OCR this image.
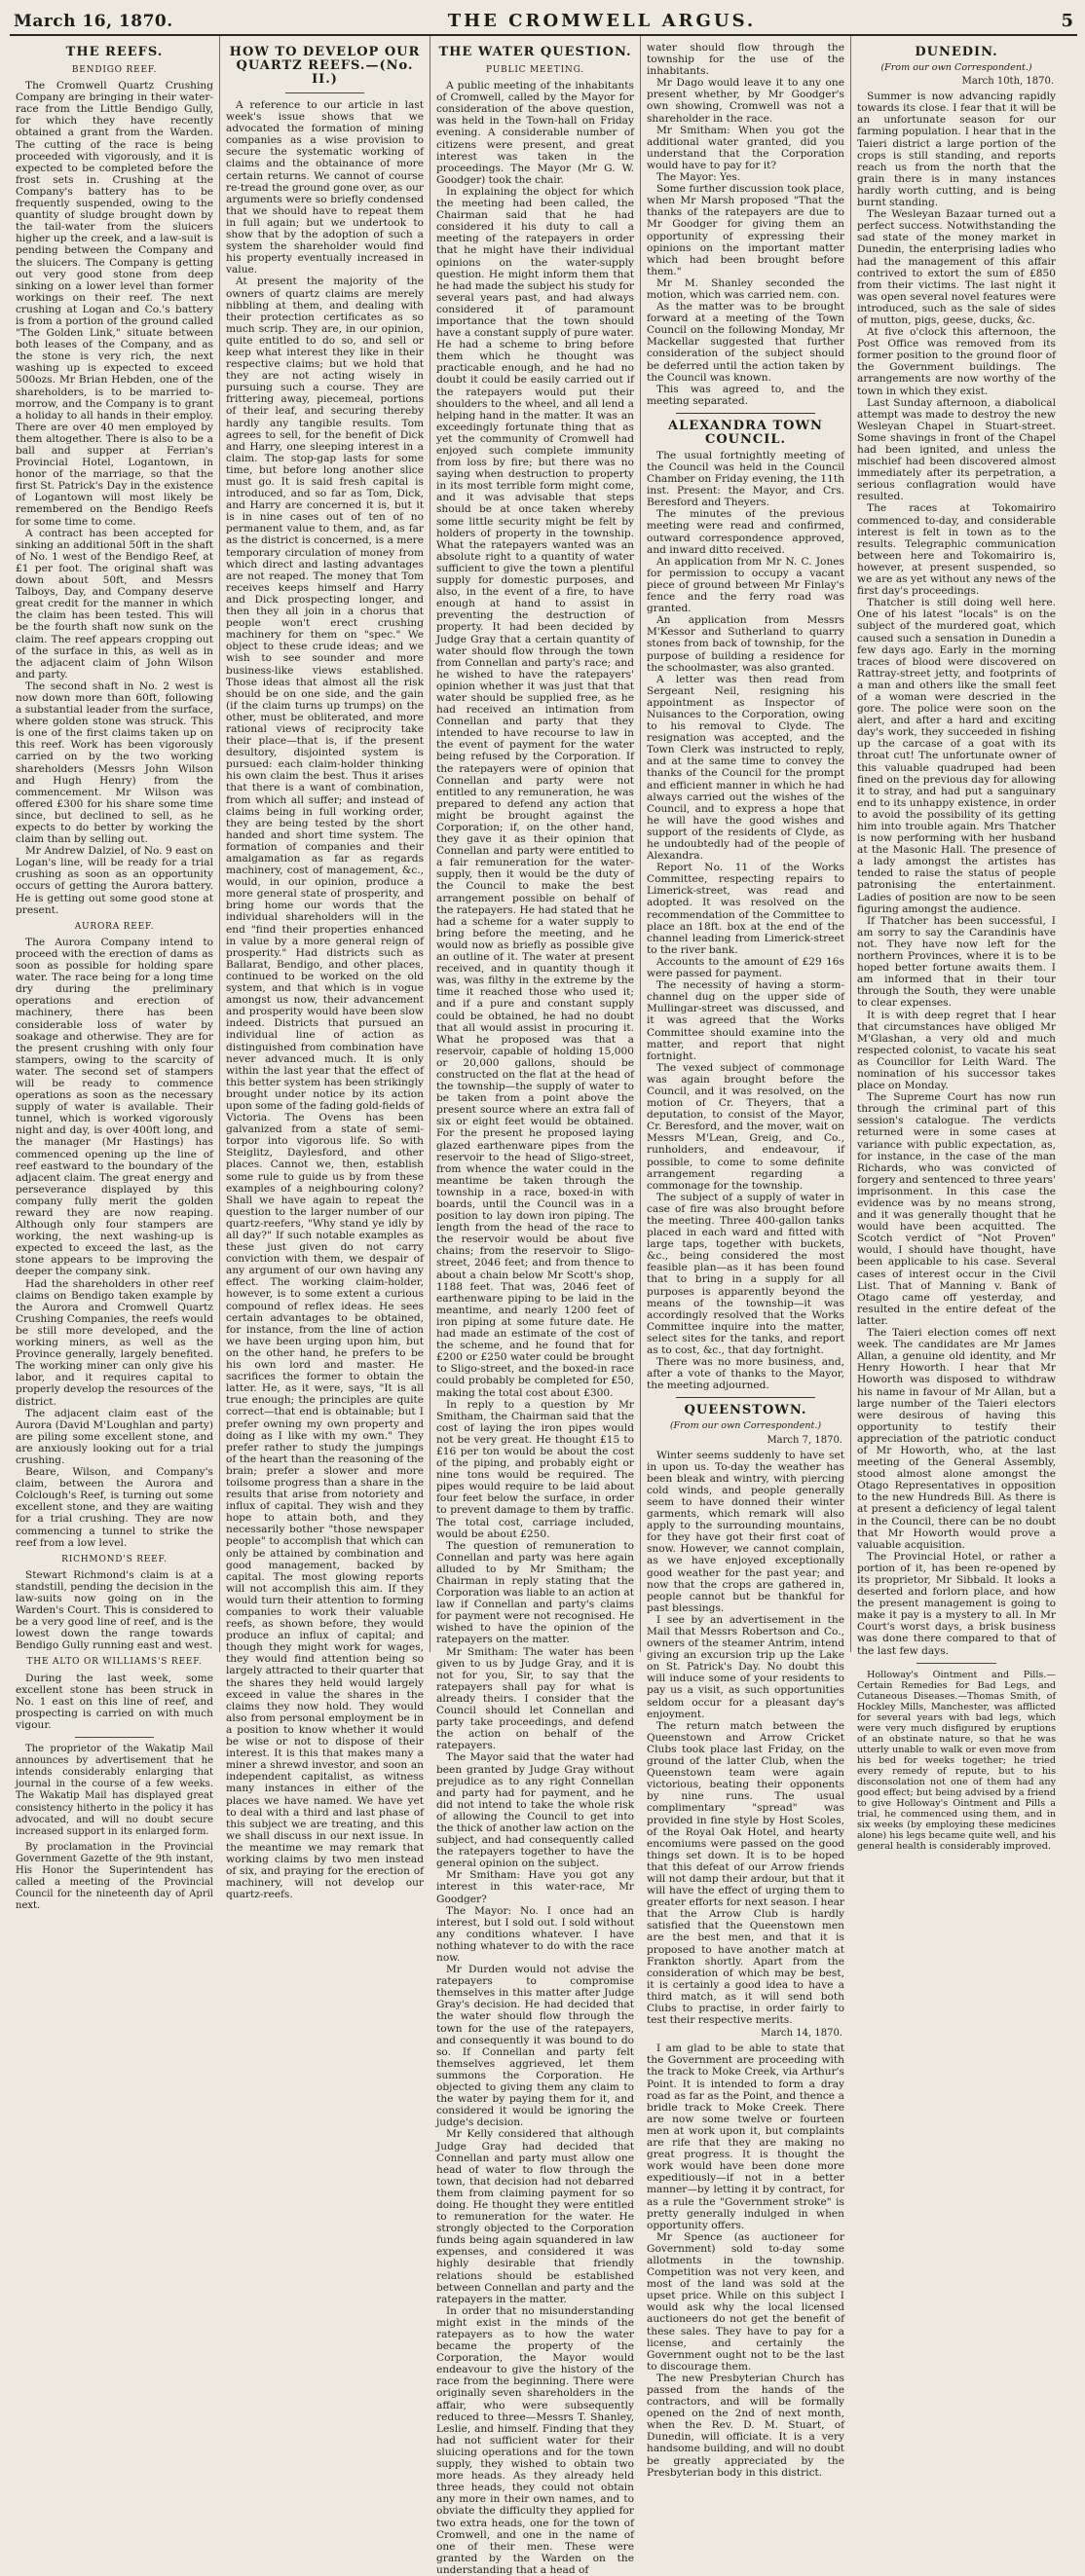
March 16, 1870.	THE CROMWELL ARGUS.	5
THE REEFS.
BENDIGO REEF.

The Cromwell Quartz Crushing Company are bringing in their water-race from the Little Bendigo Gully, for which they have recently obtained a grant from the Warden. The cutting of the race is being proceeded with vigorously, and it is expected to be completed before the frost sets in. Crushing at the Company's battery has to be frequently suspended, owing to the quantity of sludge brought down by the tail-water from the sluicers higher up the creek, and a law-suit is pending between the Company and the sluicers. The Company is getting out very good stone from deep sinking on a lower level than former workings on their reef. The next crushing at Logan and Co.'s battery is from a portion of the ground called "The Golden Link," situate between both leases of the Company, and as the stone is very rich, the next washing up is expected to exceed 500ozs. Mr Brian Hebden, one of the shareholders, is to be married to-morrow, and the Company is to grant a holiday to all hands in their employ. There are over 40 men employed by them altogether. There is also to be a ball and supper at Ferrian's Provincial Hotel, Logantown, in honor of the marriage, so that the first St. Patrick's Day in the existence of Logantown will most likely be remembered on the Bendigo Reefs for some time to come.

A contract has been accepted for sinking an additional 50ft in the shaft of No. 1 west of the Bendigo Reef, at £1 per foot. The original shaft was down about 50ft, and Messrs Talboys, Day, and Company deserve great credit for the manner in which the claim has been tested. This will be the fourth shaft now sunk on the claim. The reef appears cropping out of the surface in this, as well as in the adjacent claim of John Wilson and party.

The second shaft in No. 2 west is now down more than 60ft, following a substantial leader from the surface, where golden stone was struck. This is one of the first claims taken up on this reef. Work has been vigorously carried on by the two working shareholders (Messrs John Wilson and Hugh Henry) from the commencement. Mr Wilson was offered £300 for his share some time since, but declined to sell, as he expects to do better by working the claim than by selling out.

Mr Andrew Dalziel, of No. 9 east on Logan's line, will be ready for a trial crushing as soon as an opportunity occurs of getting the Aurora battery. He is getting out some good stone at present.

AURORA REEF.

The Aurora Company intend to proceed with the erection of dams as soon as possible for holding spare water. The race being for a long time dry during the preliminary operations and erection of machinery, there has been considerable loss of water by soakage and otherwise. They are for the present crushing with only four stampers, owing to the scarcity of water. The second set of stampers will be ready to commence operations as soon as the necessary supply of water is available. Their tunnel, which is worked vigorously night and day, is over 400ft long, and the manager (Mr Hastings) has commenced opening up the line of reef eastward to the boundary of the adjacent claim. The great energy and perseverance displayed by this company fully merit the golden reward they are now reaping. Although only four stampers are working, the next washing-up is expected to exceed the last, as the stone appears to be improving the deeper the company sink.

Had the shareholders in other reef claims on Bendigo taken example by the Aurora and Cromwell Quartz Crushing Companies, the reefs would be still more developed, and the working miners, as well as the Province generally, largely benefited. The working miner can only give his labor, and it requires capital to properly develop the resources of the district.

The adjacent claim east of the Aurora (David M'Loughlan and party) are piling some excellent stone, and are anxiously looking out for a trial crushing.

Beare, Wilson, and Company's claim, between the Aurora and Colclough's Reef, is turning out some excellent stone, and they are waiting for a trial crushing. They are now commencing a tunnel to strike the reef from a low level.

RICHMOND'S REEF.

Stewart Richmond's claim is at a standstill, pending the decision in the law-suits now going on in the Warden's Court. This is considered to be a very good line of reef, and is the lowest down the range towards Bendigo Gully running east and west.

THE ALTO OR WILLIAMS'S REEF.

During the last week, some excellent stone has been struck in No. 1 east on this line of reef, and prospecting is carried on with much vigour.

The proprietor of the Wakatip Mail announces by advertisement that he intends considerably enlarging that journal in the course of a few weeks. The Wakatip Mail has displayed great consistency hitherto in the policy it has advocated, and will no doubt secure increased support in its enlarged form.

By proclamation in the Provincial Government Gazette of the 9th instant, His Honor the Superintendent has called a meeting of the Provincial Council for the nineteenth day of April next.

HOW TO DEVELOP OUR QUARTZ REEFS.—(No. II.)

A reference to our article in last week's issue shows that we advocated the formation of mining companies as a wise provision to secure the systematic working of claims and the obtainance of more certain returns. We cannot of course re-tread the ground gone over, as our arguments were so briefly condensed that we should have to repeat them in full again; but we undertook to show that by the adoption of such a system the shareholder would find his property eventually increased in value.

At present the majority of the owners of quartz claims are merely nibbling at them, and dealing with their protection certificates as so much scrip. They are, in our opinion, quite entitled to do so, and sell or keep what interest they like in their respective claims; but we hold that they are not acting wisely in pursuing such a course. They are frittering away, piecemeal, portions of their leaf, and securing thereby hardly any tangible results. Tom agrees to sell, for the benefit of Dick and Harry, one sleeping interest in a claim. The stop-gap lasts for some time, but before long another slice must go. It is said fresh capital is introduced, and so far as Tom, Dick, and Harry are concerned it is, but it is in nine cases out of ten of no permanent value to them, and, as far as the district is concerned, is a mere temporary circulation of money from which direct and lasting advantages are not reaped. The money that Tom receives keeps himself and Harry and Dick prospecting longer, and then they all join in a chorus that people won't erect crushing machinery for them on "spec." We object to these crude ideas; and we wish to see sounder and more business-like views established. Those ideas that almost all the risk should be on one side, and the gain (if the claim turns up trumps) on the other, must be obliterated, and more rational views of reciprocity take their place—that is, if the present desultory, disjointed system is pursued: each claim-holder thinking his own claim the best. Thus it arises that there is a want of combination, from which all suffer; and instead of claims being in full working order, they are being tested by the short handed and short time system. The formation of companies and their amalgamation as far as regards machinery, cost of management, &c., would, in our opinion, produce a more general state of prosperity, and bring home our words that the individual shareholders will in the end "find their properties enhanced in value by a more general reign of prosperity." Had districts such as Ballarat, Bendigo, and other places, continued to be worked on the old system, and that which is in vogue amongst us now, their advancement and prosperity would have been slow indeed. Districts that pursued an individual line of action as distinguished from combination have never advanced much. It is only within the last year that the effect of this better system has been strikingly brought under notice by its action upon some of the fading gold-fields of Victoria. The Ovens has been galvanized from a state of semi-torpor into vigorous life. So with Steiglitz, Daylesford, and other places. Cannot we, then, establish some rule to guide us by from these examples of a neighbouring colony? Shall we have again to repeat the question to the larger number of our quartz-reefers, "Why stand ye idly by all day?" If such notable examples as these just given do not carry conviction with them, we despair of any argument of our own having any effect. The working claim-holder, however, is to some extent a curious compound of reflex ideas. He sees certain advantages to be obtained, for instance, from the line of action we have been urging upon him, but on the other hand, he prefers to be his own lord and master. He sacrifices the former to obtain the latter. He, as it were, says, "It is all true enough; the principles are quite correct—that end is obtainable; but I prefer owning my own property and doing as I like with my own." They prefer rather to study the jumpings of the heart than the reasoning of the brain; prefer a slower and more toilsome progress than a share in the results that arise from notoriety and influx of capital. They wish and they hope to attain both, and they necessarily bother "those newspaper people" to accomplish that which can only be attained by combination and good management, backed by capital. The most glowing reports will not accomplish this aim. If they would turn their attention to forming companies to work their valuable reefs, as shown before, they would produce an influx of capital; and though they might work for wages, they would find attention being so largely attracted to their quarter that the shares they held would largely exceed in value the shares in the claims they now hold. They would also from personal employment be in a position to know whether it would be wise or not to dispose of their interest. It is this that makes many a miner a shrewd investor, and soon an independent capitalist, as witness many instances in either of the places we have named. We have yet to deal with a third and last phase of this subject we are treating, and this we shall discuss in our next issue. In the meantime we may remark that working claims by two men instead of six, and praying for the erection of machinery, will not develop our quartz-reefs.

THE WATER QUESTION.
PUBLIC MEETING.

A public meeting of the inhabitants of Cromwell, called by the Mayor for consideration of the above question, was held in the Town-hall on Friday evening. A considerable number of citizens were present, and great interest was taken in the proceedings. The Mayor (Mr G. W. Goodger) took the chair.

In explaining the object for which the meeting had been called, the Chairman said that he had considered it his duty to call a meeting of the ratepayers in order that he might have their individual opinions on the water-supply question. He might inform them that he had made the subject his study for several years past, and had always considered it of paramount importance that the town should have a constant supply of pure water. He had a scheme to bring before them which he thought was practicable enough, and he had no doubt it could be easily carried out if the ratepayers would put their shoulders to the wheel, and all lend a helping hand in the matter. It was an exceedingly fortunate thing that as yet the community of Cromwell had enjoyed such complete immunity from loss by fire; but there was no saying when destruction to property in its most terrible form might come, and it was advisable that steps should be at once taken whereby some little security might be felt by holders of property in the township. What the ratepayers wanted was an absolute right to a quantity of water sufficient to give the town a plentiful supply for domestic purposes, and also, in the event of a fire, to have enough at hand to assist in preventing the destruction of property. It had been decided by Judge Gray that a certain quantity of water should flow through the town from Connellan and party's race; and he wished to have the ratepayers' opinion whether it was just that that water should be supplied free, as he had received an intimation from Connellan and party that they intended to have recourse to law in the event of payment for the water being refused by the Corporation. If the ratepayers were of opinion that Connellan and party were not entitled to any remuneration, he was prepared to defend any action that might be brought against the Corporation; if, on the other hand, they gave it as their opinion that Connellan and party were entitled to a fair remuneration for the water-supply, then it would be the duty of the Council to make the best arrangement possible on behalf of the ratepayers. He had stated that he had a scheme for a water supply to bring before the meeting, and he would now as briefly as possible give an outline of it. The water at present received, and in quantity though it was, was filthy in the extreme by the time it reached those who used it; and if a pure and constant supply could be obtained, he had no doubt that all would assist in procuring it. What he proposed was that a reservoir, capable of holding 15,000 or 20,000 gallons, should be constructed on the flat at the head of the township—the supply of water to be taken from a point above the present source where an extra fall of six or eight feet would be obtained. For the present he proposed laying glazed earthenware pipes from the reservoir to the head of Sligo-street, from whence the water could in the meantime be taken through the township in a race, boxed-in with boards, until the Council was in a position to lay down iron piping. The length from the head of the race to the reservoir would be about five chains; from the reservoir to Sligo-street, 2046 feet; and from thence to about a chain below Mr Scott's shop, 1188 feet. That was, 2046 feet of earthenware piping to be laid in the meantime, and nearly 1200 feet of iron piping at some future date. He had made an estimate of the cost of the scheme, and he found that for £200 or £250 water could be brought to Sligo-street, and the boxed-in race could probably be completed for £50, making the total cost about £300.

In reply to a question by Mr Smitham, the Chairman said that the cost of laying the iron pipes would not be very great. He thought £15 to £16 per ton would be about the cost of the piping, and probably eight or nine tons would be required. The pipes would require to be laid about four feet below the surface, in order to prevent damage to them by traffic. The total cost, carriage included, would be about £250.

The question of remuneration to Connellan and party was here again alluded to by Mr Smitham; the Chairman in reply stating that the Corporation was liable to an action at law if Connellan and party's claims for payment were not recognised. He wished to have the opinion of the ratepayers on the matter.

Mr Smitham: The water has been given to us by Judge Gray, and it is not for you, Sir, to say that the ratepayers shall pay for what is already theirs. I consider that the Council should let Connellan and party take proceedings, and defend the action on behalf of the ratepayers.

The Mayor said that the water had been granted by Judge Gray without prejudice as to any right Connellan and party had for payment, and he did not intend to take the whole risk of allowing the Council to get into the thick of another law action on the subject, and had consequently called the ratepayers together to have the general opinion on the subject.

Mr Smitham: Have you got any interest in this water-race, Mr Goodger?

The Mayor: No. I once had an interest, but I sold out. I sold without any conditions whatever. I have nothing whatever to do with the race now.

Mr Durden would not advise the ratepayers to compromise themselves in this matter after Judge Gray's decision. He had decided that the water should flow through the town for the use of the ratepayers, and consequently it was bound to do so. If Connellan and party felt themselves aggrieved, let them summons the Corporation. He objected to giving them any claim to the water by paying them for it, and considered it would be ignoring the judge's decision.

Mr Kelly considered that although Judge Gray had decided that Connellan and party must allow one head of water to flow through the town, that decision had not debarred them from claiming payment for so doing. He thought they were entitled to remuneration for the water. He strongly objected to the Corporation funds being again squandered in law expenses, and considered it was highly desirable that friendly relations should be established between Connellan and party and the ratepayers in the matter.

In order that no misunderstanding might exist in the minds of the ratepayers as to how the water became the property of the Corporation, the Mayor would endeavour to give the history of the race from the beginning. There were originally seven shareholders in the affair, who were subsequently reduced to three—Messrs T. Shanley, Leslie, and himself. Finding that they had not sufficient water for their sluicing operations and for the town supply, they wished to obtain two more heads. As they already held three heads, they could not obtain any more in their own names, and to obviate the difficulty they applied for two extra heads, one for the town of Cromwell, and one in the name of one of their men. These were granted by the Warden on the understanding that a head of

water should flow through the township for the use of the inhabitants.

Mr Dago would leave it to any one present whether, by Mr Goodger's own showing, Cromwell was not a shareholder in the race.

Mr Smitham: When you got the additional water granted, did you understand that the Corporation would have to pay for it?

The Mayor: Yes.

Some further discussion took place, when Mr Marsh proposed "That the thanks of the ratepayers are due to Mr Goodger for giving them an opportunity of expressing their opinions on the important matter which had been brought before them."

Mr M. Shanley seconded the motion, which was carried nem. con.

As the matter was to be brought forward at a meeting of the Town Council on the following Monday, Mr Mackellar suggested that further consideration of the subject should be deferred until the action taken by the Council was known.

This was agreed to, and the meeting separated.

ALEXANDRA TOWN COUNCIL.

The usual fortnightly meeting of the Council was held in the Council Chamber on Friday evening, the 11th inst. Present: the Mayor, and Crs. Beresford and Theyers.

The minutes of the previous meeting were read and confirmed, outward correspondence approved, and inward ditto received.

An application from Mr N. C. Jones for permission to occupy a vacant piece of ground between Mr Finlay's fence and the ferry road was granted.

An application from Messrs M'Kessor and Sutherland to quarry stones from back of township, for the purpose of building a residence for the schoolmaster, was also granted.

A letter was then read from Sergeant Neil, resigning his appointment as Inspector of Nuisances to the Corporation, owing to his removal to Clyde. The resignation was accepted, and the Town Clerk was instructed to reply, and at the same time to convey the thanks of the Council for the prompt and efficient manner in which he had always carried out the wishes of the Council, and to express a hope that he will have the good wishes and support of the residents of Clyde, as he undoubtedly had of the people of Alexandra.

Report No. 11 of the Works Committee, respecting repairs to Limerick-street, was read and adopted. It was resolved on the recommendation of the Committee to place an 18ft. box at the end of the channel leading from Limerick-street to the river bank.

Accounts to the amount of £29 16s were passed for payment.

The necessity of having a storm-channel dug on the upper side of Mullingar-street was discussed, and it was agreed that the Works Committee should examine into the matter, and report that night fortnight.

The vexed subject of commonage was again brought before the Council, and it was resolved, on the motion of Cr. Theyers, that a deputation, to consist of the Mayor, Cr. Beresford, and the mover, wait on Messrs M'Lean, Greig, and Co., runholders, and endeavour, if possible, to come to some definite arrangement regarding a commonage for the township.

The subject of a supply of water in case of fire was also brought before the meeting. Three 400-gallon tanks placed in each ward and fitted with large taps, together with buckets, &c., being considered the most feasible plan—as it has been found that to bring in a supply for all purposes is apparently beyond the means of the township—it was accordingly resolved that the Works Committee inquire into the matter, select sites for the tanks, and report as to cost, &c., that day fortnight.

There was no more business, and, after a vote of thanks to the Mayor, the meeting adjourned.

QUEENSTOWN.
(From our own Correspondent.)
March 7, 1870.

Winter seems suddenly to have set in upon us. To-day the weather has been bleak and wintry, with piercing cold winds, and people generally seem to have donned their winter garments, which remark will also apply to the surrounding mountains, for they have got their first coat of snow. However, we cannot complain, as we have enjoyed exceptionally good weather for the past year; and now that the crops are gathered in, people cannot but be thankful for past blessings.

I see by an advertisement in the Mail that Messrs Robertson and Co., owners of the steamer Antrim, intend giving an excursion trip up the Lake on St. Patrick's Day. No doubt this will induce some of your residents to pay us a visit, as such opportunities seldom occur for a pleasant day's enjoyment.

The return match between the Queenstown and Arrow Cricket Clubs took place last Friday, on the ground of the latter Club, when the Queenstown team were again victorious, beating their opponents by nine runs. The usual complimentary "spread" was provided in fine style by Host Scoles, of the Royal Oak Hotel, and hearty encomiums were passed on the good things set down. It is to be hoped that this defeat of our Arrow friends will not damp their ardour, but that it will have the effect of urging them to greater efforts for next season. I hear that the Arrow Club is hardly satisfied that the Queenstown men are the best men, and that it is proposed to have another match at Frankton shortly. Apart from the consideration of which may be best, it is certainly a good idea to have a third match, as it will send both Clubs to practise, in order fairly to test their respective merits.

March 14, 1870.

I am glad to be able to state that the Government are proceeding with the track to Moke Creek, via Arthur's Point. It is intended to form a dray road as far as the Point, and thence a bridle track to Moke Creek. There are now some twelve or fourteen men at work upon it, but complaints are rife that they are making no great progress. It is thought the work would have been done more expeditiously—if not in a better manner—by letting it by contract, for as a rule the "Government stroke" is pretty generally indulged in when opportunity offers.

Mr Spence (as auctioneer for Government) sold to-day some allotments in the township. Competition was not very keen, and most of the land was sold at the upset price. While on this subject I would ask why the local licensed auctioneers do not get the benefit of these sales. They have to pay for a license, and certainly the Government ought not to be the last to discourage them.

The new Presbyterian Church has passed from the hands of the contractors, and will be formally opened on the 2nd of next month, when the Rev. D. M. Stuart, of Dunedin, will officiate. It is a very handsome building, and will no doubt be greatly appreciated by the Presbyterian body in this district.

DUNEDIN.
(From our own Correspondent.)
March 10th, 1870.

Summer is now advancing rapidly towards its close. I fear that it will be an unfortunate season for our farming population. I hear that in the Taieri district a large portion of the crops is still standing, and reports reach us from the north that the grain there is in many instances hardly worth cutting, and is being burnt standing.

The Wesleyan Bazaar turned out a perfect success. Notwithstanding the sad state of the money market in Dunedin, the enterprising ladies who had the management of this affair contrived to extort the sum of £850 from their victims. The last night it was open several novel features were introduced, such as the sale of sides of mutton, pigs, geese, ducks, &c.

At five o'clock this afternoon, the Post Office was removed from its former position to the ground floor of the Government buildings. The arrangements are now worthy of the town in which they exist.

Last Sunday afternoon, a diabolical attempt was made to destroy the new Wesleyan Chapel in Stuart-street. Some shavings in front of the Chapel had been ignited, and unless the mischief had been discovered almost immediately after its perpetration, a serious conflagration would have resulted.

The races at Tokomairiro commenced to-day, and considerable interest is felt in town as to the results. Telegraphic communication between here and Tokomairiro is, however, at present suspended, so we are as yet without any news of the first day's proceedings.

Thatcher is still doing well here. One of his latest "locals" is on the subject of the murdered goat, which caused such a sensation in Dunedin a few days ago. Early in the morning traces of blood were discovered on Rattray-street jetty, and footprints of a man and others like the small feet of a woman were descried in the gore. The police were soon on the alert, and after a hard and exciting day's work, they succeeded in fishing up the carcase of a goat with its throat cut! The unfortunate owner of this valuable quadruped had been fined on the previous day for allowing it to stray, and had put a sanguinary end to its unhappy existence, in order to avoid the possibility of its getting him into trouble again. Mrs Thatcher is now performing with her husband at the Masonic Hall. The presence of a lady amongst the artistes has tended to raise the status of people patronising the entertainment. Ladies of position are now to be seen figuring amongst the audience.

If Thatcher has been successful, I am sorry to say the Carandinis have not. They have now left for the northern Provinces, where it is to be hoped better fortune awaits them. I am informed that in their tour through the South, they were unable to clear expenses.

It is with deep regret that I hear that circumstances have obliged Mr M'Glashan, a very old and much respected colonist, to vacate his seat as Councillor for Leith Ward. The nomination of his successor takes place on Monday.

The Supreme Court has now run through the criminal part of this session's catalogue. The verdicts returned were in some cases at variance with public expectation, as, for instance, in the case of the man Richards, who was convicted of forgery and sentenced to three years' imprisonment. In this case the evidence was by no means strong, and it was generally thought that he would have been acquitted. The Scotch verdict of "Not Proven" would, I should have thought, have been applicable to his case. Several cases of interest occur in the Civil List. That of Manning v. Bank of Otago came off yesterday, and resulted in the entire defeat of the latter.

The Taieri election comes off next week. The candidates are Mr James Allan, a genuine old identity, and Mr Henry Howorth. I hear that Mr Howorth was disposed to withdraw his name in favour of Mr Allan, but a large number of the Taieri electors were desirous of having this opportunity to testify their appreciation of the patriotic conduct of Mr Howorth, who, at the last meeting of the General Assembly, stood almost alone amongst the Otago Representatives in opposition to the new Hundreds Bill. As there is at present a deficiency of legal talent in the Council, there can be no doubt that Mr Howorth would prove a valuable acquisition.

The Provincial Hotel, or rather a portion of it, has been re-opened by its proprietor, Mr Sibbald. It looks a deserted and forlorn place, and how the present management is going to make it pay is a mystery to all. In Mr Court's worst days, a brisk business was done there compared to that of the last few days.

Holloway's Ointment and Pills.—Certain Remedies for Bad Legs, and Cutaneous Diseases.—Thomas Smith, of Hockley Mills, Manchester, was afflicted for several years with bad legs, which were very much disfigured by eruptions of an obstinate nature, so that he was utterly unable to walk or even move from his bed for weeks together; he tried every remedy of repute, but to his disconsolation not one of them had any good effect; but being advised by a friend to give Holloway's Ointment and Pills a trial, he commenced using them, and in six weeks (by employing these medicines alone) his legs became quite well, and his general health is considerably improved.
